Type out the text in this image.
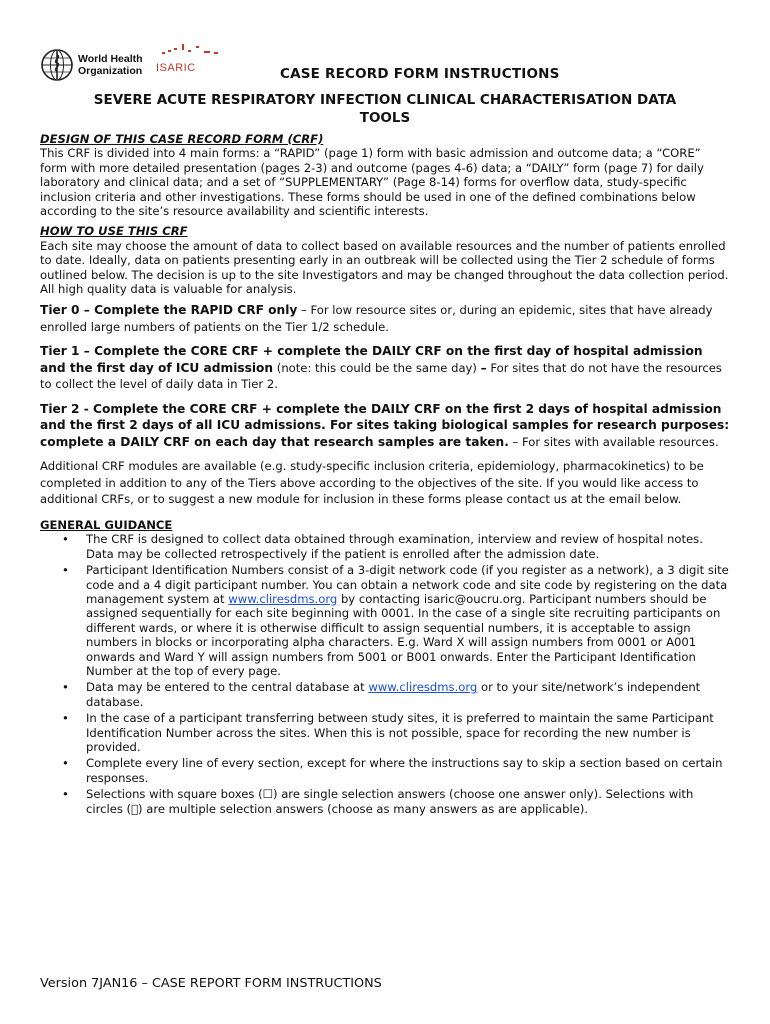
World Health
Organization ISARIC	CASE RECORD FORM INSTRUCTIONS
SEVERE ACUTE RESPIRATORY INFECTION CLINICAL CHARACTERISATION DATA
TOOLS

DESIGN OF THIS CASE RECORD FORM (CRF)

This CRF is divided into 4 main forms: a “RAPID” (page 1) form with basic admission and outcome data; a “CORE” form with more detailed presentation (pages 2-3) and outcome (pages 4-6) data; a “DAILY” form (page 7) for daily laboratory and clinical data; and a set of “SUPPLEMENTARY” (Page 8-14) forms for overflow data, study-specific inclusion criteria and other investigations. These forms should be used in one of the defined combinations below according to the site’s resource availability and scientific interests.

HOW TO USE THIS CRF

Each site may choose the amount of data to collect based on available resources and the number of patients enrolled to date. Ideally, data on patients presenting early in an outbreak will be collected using the Tier 2 schedule of forms outlined below. The decision is up to the site Investigators and may be changed throughout the data collection period. All high quality data is valuable for analysis.

Tier 0 – Complete the RAPID CRF only – For low resource sites or, during an epidemic, sites that have already enrolled large numbers of patients on the Tier 1/2 schedule.

Tier 1 – Complete the CORE CRF + complete the DAILY CRF on the first day of hospital admission and the first day of ICU admission (note: this could be the same day) – For sites that do not have the resources to collect the level of daily data in Tier 2.

Tier 2 - Complete the CORE CRF + complete the DAILY CRF on the first 2 days of hospital admission and the first 2 days of all ICU admissions. For sites taking biological samples for research purposes: complete a DAILY CRF on each day that research samples are taken. – For sites with available resources.

Additional CRF modules are available (e.g. study-specific inclusion criteria, epidemiology, pharmacokinetics) to be completed in addition to any of the Tiers above according to the objectives of the site. If you would like access to additional CRFs, or to suggest a new module for inclusion in these forms please contact us at the email below.

GENERAL GUIDANCE

• The CRF is designed to collect data obtained through examination, interview and review of hospital notes. Data may be collected retrospectively if the patient is enrolled after the admission date.
• Participant Identification Numbers consist of a 3-digit network code (if you register as a network), a 3 digit site code and a 4 digit participant number. You can obtain a network code and site code by registering on the data management system at www.cliresdms.org by contacting isaric@oucru.org. Participant numbers should be assigned sequentially for each site beginning with 0001. In the case of a single site recruiting participants on different wards, or where it is otherwise difficult to assign sequential numbers, it is acceptable to assign numbers in blocks or incorporating alpha characters. E.g. Ward X will assign numbers from 0001 or A001 onwards and Ward Y will assign numbers from 5001 or B001 onwards. Enter the Participant Identification Number at the top of every page.
• Data may be entered to the central database at www.cliresdms.org or to your site/network’s independent database.
• In the case of a participant transferring between study sites, it is preferred to maintain the same Participant Identification Number across the sites. When this is not possible, space for recording the new number is provided.
• Complete every line of every section, except for where the instructions say to skip a section based on certain responses.
• Selections with square boxes (☐) are single selection answers (choose one answer only). Selections with circles (⃝) are multiple selection answers (choose as many answers as are applicable).
Version 7JAN16 – CASE REPORT FORM INSTRUCTIONS
